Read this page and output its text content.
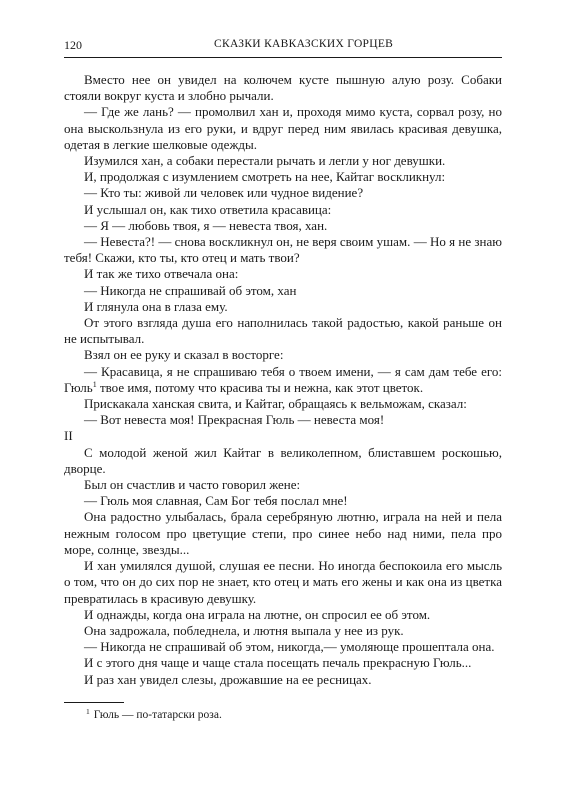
120	СКАЗКИ КАВКАЗСКИХ ГОРЦЕВ

Вместо нее он увидел на колючем кусте пышную алую розу. Собаки стояли вокруг куста и злобно рычали.

— Где же лань? — промолвил хан и, проходя мимо куста, сорвал розу, но она выскользнула из его руки, и вдруг перед ним явилась красивая девушка, одетая в легкие шелковые одежды.

Изумился хан, а собаки перестали рычать и легли у ног девушки.

И, продолжая с изумлением смотреть на нее, Кайтаг воскликнул:

— Кто ты: живой ли человек или чудное видение?

И услышал он, как тихо ответила красавица:

— Я — любовь твоя, я — невеста твоя, хан.

— Невеста?! — снова воскликнул он, не веря своим ушам. — Но я не знаю тебя! Скажи, кто ты, кто отец и мать твои?

И так же тихо отвечала она:

— Никогда не спрашивай об этом, хан

И глянула она в глаза ему.

От этого взгляда душа его наполнилась такой радостью, какой раньше он не испытывал.

Взял он ее руку и сказал в восторге:

— Красавица, я не спрашиваю тебя о твоем имени, — я сам дам тебе его: Гюль$^1$ твое имя, потому что красива ты и нежна, как этот цветок.

Прискакала ханская свита, и Кайтаг, обращаясь к вельможам, сказал:

— Вот невеста моя! Прекрасная Гюль — невеста моя!

II

С молодой женой жил Кайтаг в великолепном, блиставшем роскошью, дворце.

Был он счастлив и часто говорил жене:

— Гюль моя славная, Сам Бог тебя послал мне!

Она радостно улыбалась, брала серебряную лютню, играла на ней и пела нежным голосом про цветущие степи, про синее небо над ними, пела про море, солнце, звезды...

И хан умилялся душой, слушая ее песни. Но иногда беспокоила его мысль о том, что он до сих пор не знает, кто отец и мать его жены и как она из цветка превратилась в красивую девушку.

И однажды, когда она играла на лютне, он спросил ее об этом.

Она задрожала, побледнела, и лютня выпала у нее из рук.

— Никогда не спрашивай об этом, никогда,— умоляюще прошептала она.

И с этого дня чаще и чаще стала посещать печаль прекрасную Гюль...

И раз хан увидел слезы, дрожавшие на ее ресницах.

$^1$ Гюль — по-татарски роза.
